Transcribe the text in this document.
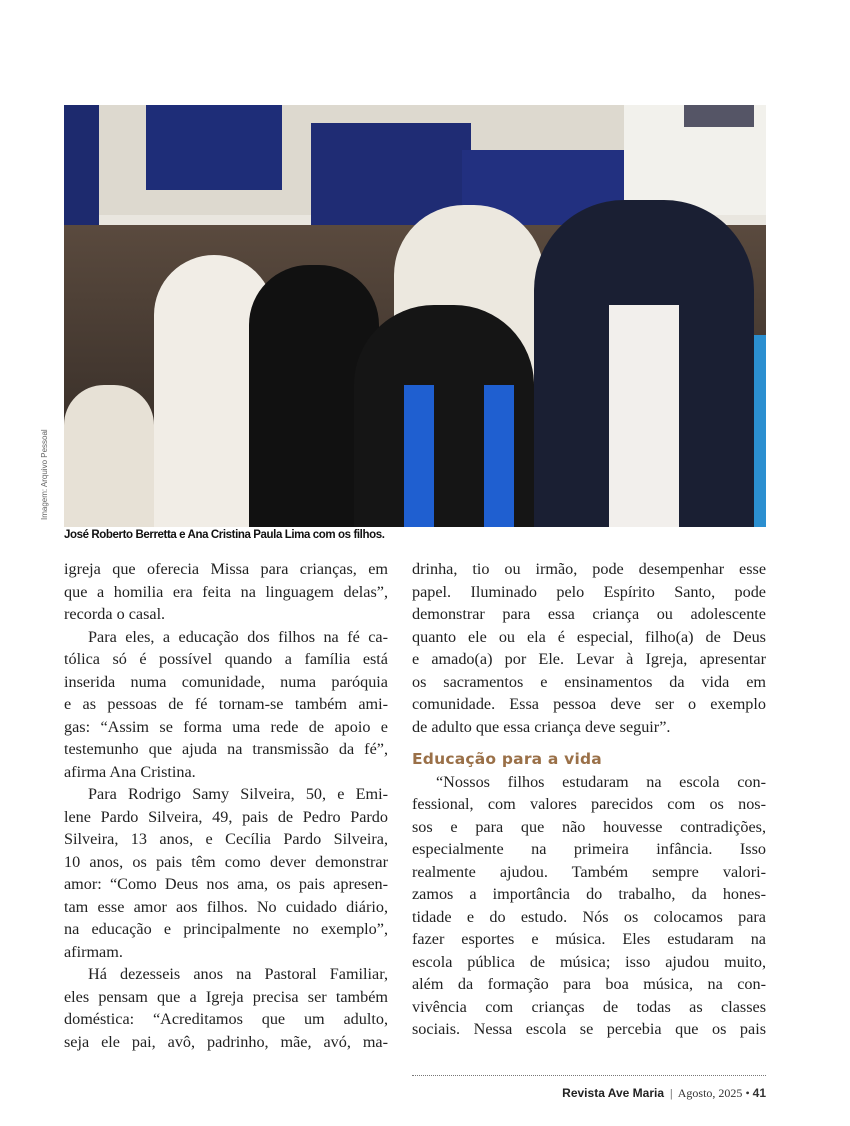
Imagem: Arquivo Pessoal
José Roberto Berretta e Ana Cristina Paula Lima com os filhos.
igreja que oferecia Missa para crianças, em
que a homilia era feita na linguagem delas”,
recorda o casal.
Para eles, a educação dos filhos na fé ca-
tólica só é possível quando a família está
inserida numa comunidade, numa paróquia
e as pessoas de fé tornam-se também ami-
gas: “Assim se forma uma rede de apoio e
testemunho que ajuda na transmissão da fé”,
afirma Ana Cristina.
Para Rodrigo Samy Silveira, 50, e Emi-
lene Pardo Silveira, 49, pais de Pedro Pardo
Silveira, 13 anos, e Cecília Pardo Silveira,
10 anos, os pais têm como dever demonstrar
amor: “Como Deus nos ama, os pais apresen-
tam esse amor aos filhos. No cuidado diário,
na educação e principalmente no exemplo”,
afirmam.
Há dezesseis anos na Pastoral Familiar,
eles pensam que a Igreja precisa ser também
doméstica: “Acreditamos que um adulto,
seja ele pai, avô, padrinho, mãe, avó, ma-
drinha, tio ou irmão, pode desempenhar esse
papel. Iluminado pelo Espírito Santo, pode
demonstrar para essa criança ou adolescente
quanto ele ou ela é especial, filho(a) de Deus
e amado(a) por Ele. Levar à Igreja, apresentar
os sacramentos e ensinamentos da vida em
comunidade. Essa pessoa deve ser o exemplo
de adulto que essa criança deve seguir”.
Educação para a vida
“Nossos filhos estudaram na escola con-
fessional, com valores parecidos com os nos-
sos e para que não houvesse contradições,
especialmente na primeira infância. Isso
realmente ajudou. Também sempre valori-
zamos a importância do trabalho, da hones-
tidade e do estudo. Nós os colocamos para
fazer esportes e música. Eles estudaram na
escola pública de música; isso ajudou muito,
além da formação para boa música, na con-
vivência com crianças de todas as classes
sociais. Nessa escola se percebia que os pais
Revista Ave Maria | Agosto, 2025 • 41
